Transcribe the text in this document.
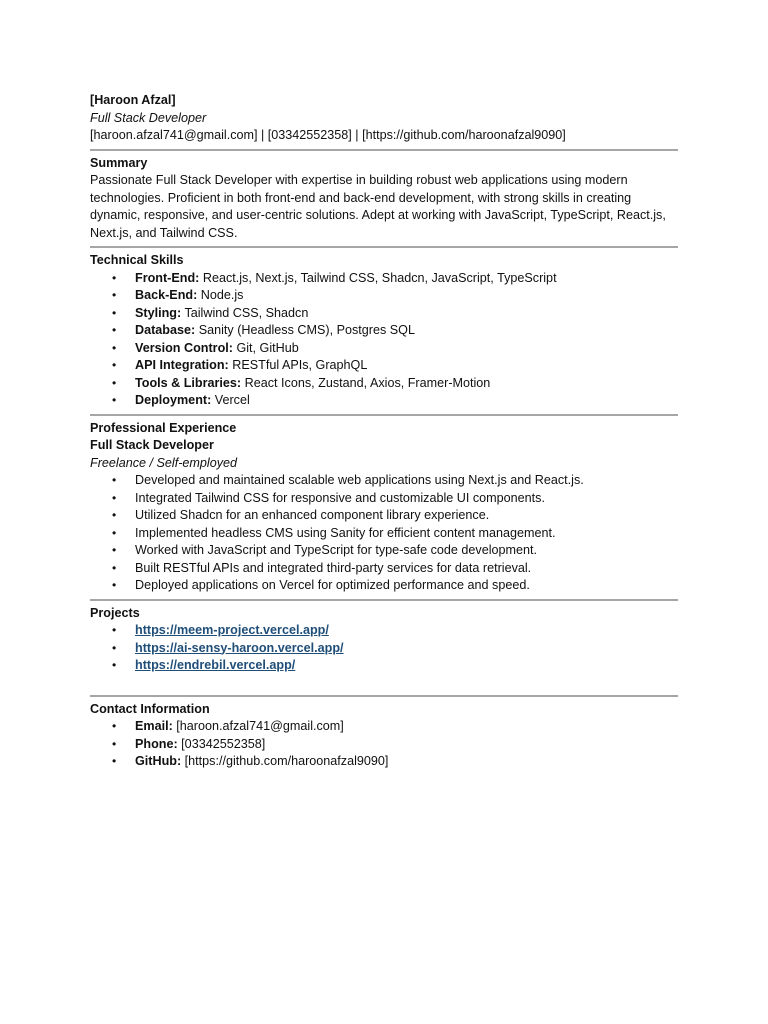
[Haroon Afzal]
Full Stack Developer
[haroon.afzal741@gmail.com] | [03342552358] | [https://github.com/haroonafzal9090]
Summary

Passionate Full Stack Developer with expertise in building robust web applications using modern technologies. Proficient in both front-end and back-end development, with strong skills in creating dynamic, responsive, and user-centric solutions. Adept at working with JavaScript, TypeScript, React.js, Next.js, and Tailwind CSS.

Technical Skills
• Front-End: React.js, Next.js, Tailwind CSS, Shadcn, JavaScript, TypeScript
• Back-End: Node.js
• Styling: Tailwind CSS, Shadcn
• Database: Sanity (Headless CMS), Postgres SQL
• Version Control: Git, GitHub
• API Integration: RESTful APIs, GraphQL
• Tools & Libraries: React Icons, Zustand, Axios, Framer-Motion
• Deployment: Vercel
Professional Experience
Full Stack Developer
Freelance / Self-employed
• Developed and maintained scalable web applications using Next.js and React.js.
• Integrated Tailwind CSS for responsive and customizable UI components.
• Utilized Shadcn for an enhanced component library experience.
• Implemented headless CMS using Sanity for efficient content management.
• Worked with JavaScript and TypeScript for type-safe code development.
• Built RESTful APIs and integrated third-party services for data retrieval.
• Deployed applications on Vercel for optimized performance and speed.
Projects
• https://meem-project.vercel.app/
• https://ai-sensy-haroon.vercel.app/
• https://endrebil.vercel.app/
Contact Information
• Email: [haroon.afzal741@gmail.com]
• Phone: [03342552358]
• GitHub: [https://github.com/haroonafzal9090]
